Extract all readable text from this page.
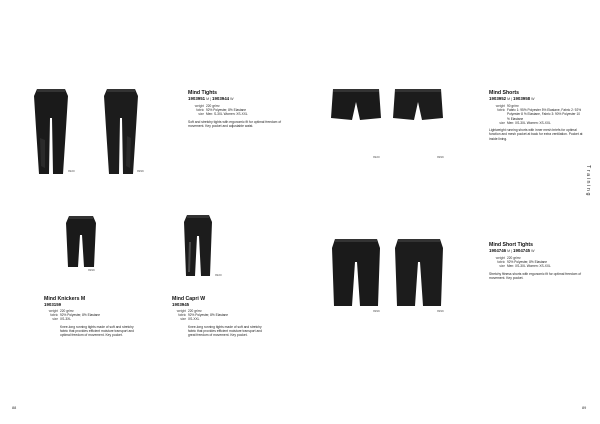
9920	9999
Mind Tights
1903951 M | 1903944 W
weight 220 gr/m²
fabric 92% Polyester, 8% Elastane
size Men: S-3XL Women: XS-XXL
Soft and stretchy tights with ergonomic fit for optimal freedom of movement. Key pocket and adjustable waist.
9999
9920
Mind Knickers M
1903159
weight 220 gr/m²
fabric 92% Polyester, 8% Elastane
size XS-3XL
Knee-long running tights made of soft and stretchy fabric that provides efficient moisture transport and optimal freedom of movement. Key pocket.
Mind Capri W
1903945
weight 220 gr/m²
fabric 92% Polyester, 8% Elastane
size XS-XXL
Knee-long running tights made of soft and stretchy fabric that provides efficient moisture transport and great freedom of movement. Key pocket.
9920	9999
Mind Shorts
1903952 M | 1903958 W
weight 90 gr/m²
fabric Fabric 1: 95% Polyester 5% Elastane, Fabric 2: 92% Polyester 8 % Elastane, Fabric 3: 90% Polyester 10 % Elastane
size Men: XS-3XL Women: XS-XXL
Lightweight running shorts with inner mesh briefs for optimal function and mesh pocket at back for extra ventilation. Pocket at inside lining.
9999	9999
Mind Short Tights
1904746 M | 1904745 W
weight 220 gr/m²
fabric 92% Polyester, 8% Elastane
size Men: XS-3XL Women: XS-XXL
Stretchy fitness shorts with ergonomic fit for optimal freedom of movement. Key pocket.
Training
88	89
